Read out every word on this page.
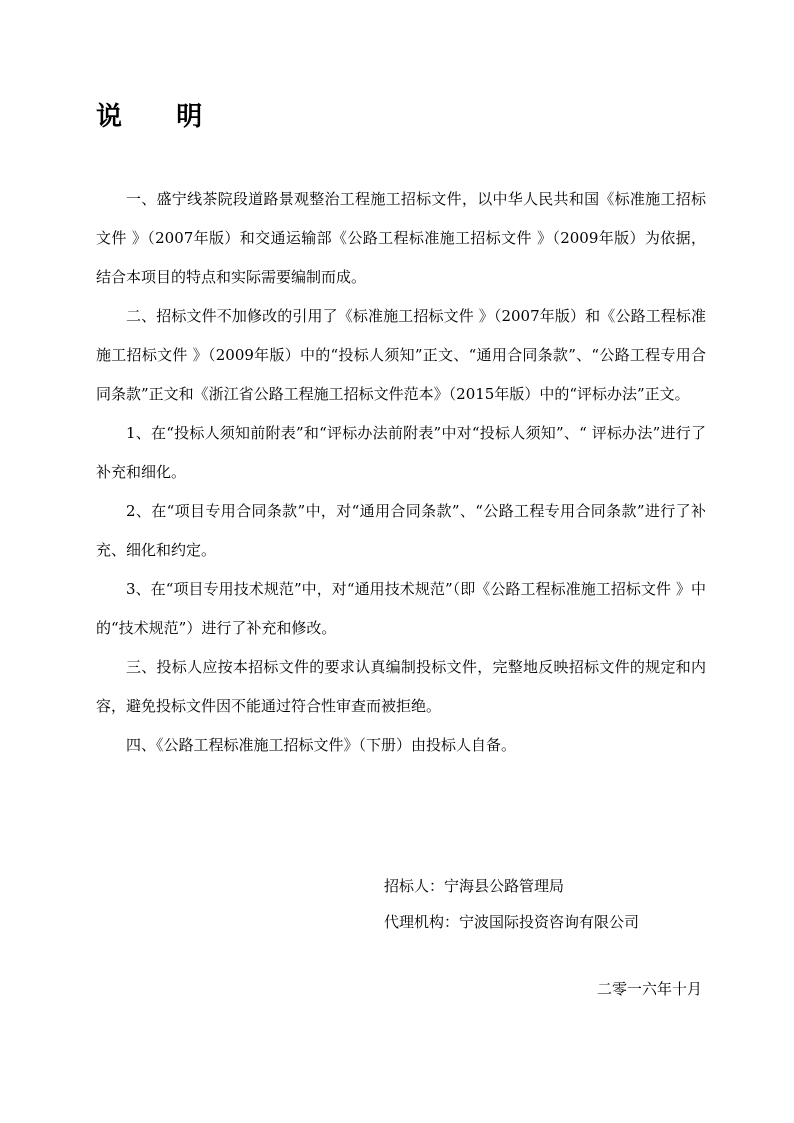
说      明

一、盛宁线茶院段道路景观整治工程施工招标文件，以中华人民共和国《标准施工招标文件 》（2007年版）和交通运输部《公路工程标准施工招标文件 》（2009年版）为依据，结合本项目的特点和实际需要编制而成。

二、招标文件不加修改的引用了《标准施工招标文件 》（2007年版）和《公路工程标准施工招标文件 》（2009年版）中的“投标人须知”正文、“通用合同条款”、“公路工程专用合同条款”正文和《浙江省公路工程施工招标文件范本》（2015年版）中的“评标办法”正文。

1、在“投标人须知前附表”和“评标办法前附表”中对“投标人须知”、“ 评标办法”进行了补充和细化。

2、在“项目专用合同条款”中，对“通用合同条款”、“公路工程专用合同条款”进行了补充、细化和约定。

3、在“项目专用技术规范”中，对“通用技术规范”（即《公路工程标准施工招标文件 》中的“技术规范”）进行了补充和修改。

三、投标人应按本招标文件的要求认真编制投标文件，完整地反映招标文件的规定和内容，避免投标文件因不能通过符合性审查而被拒绝。

四、《公路工程标准施工招标文件》（下册）由投标人自备。

招标人：宁海县公路管理局
代理机构：宁波国际投资咨询有限公司
二零一六年十月
